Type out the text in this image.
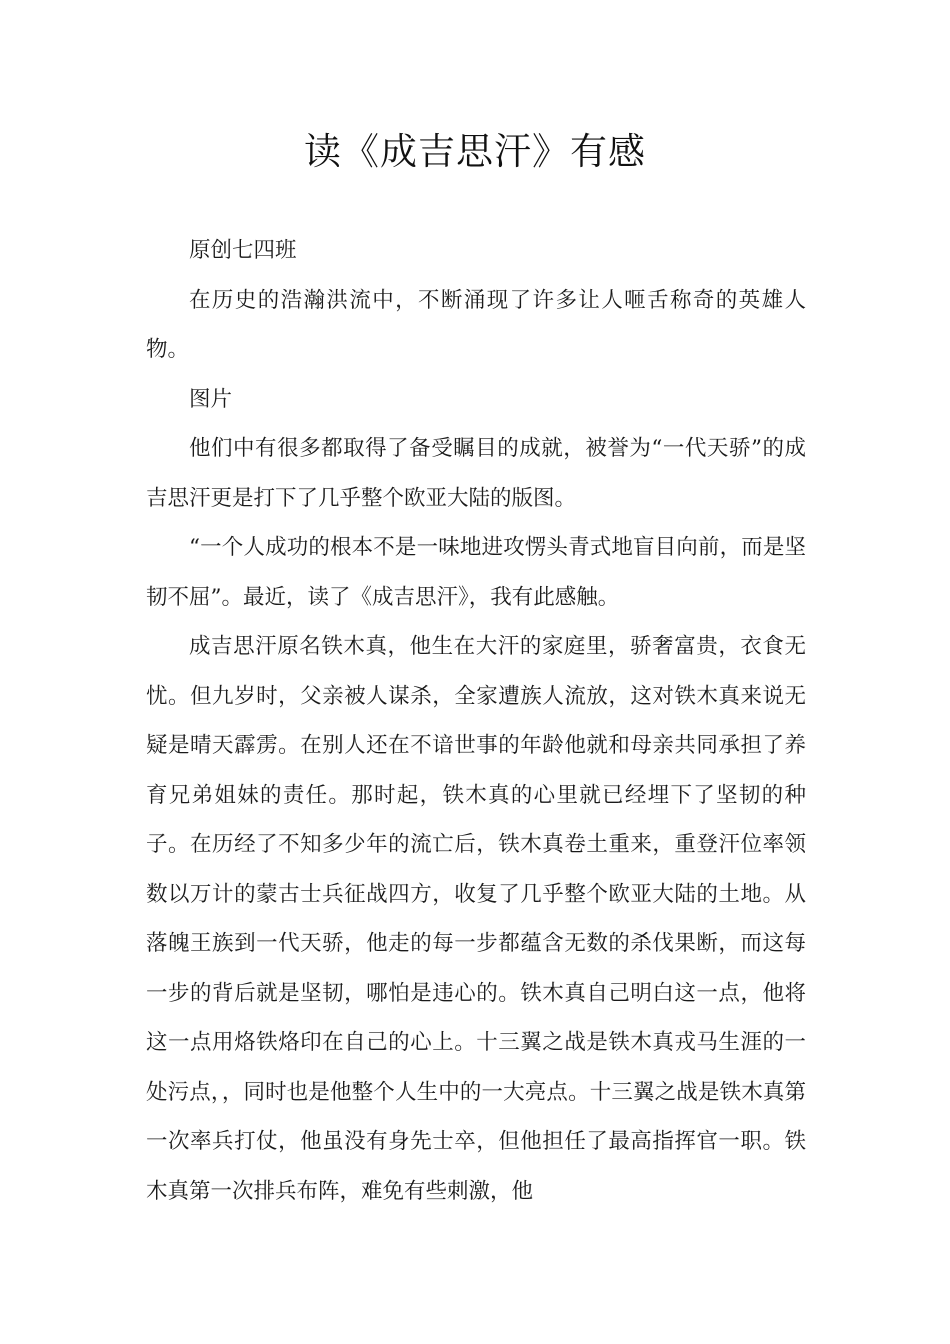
读《成吉思汗》有感

原创七四班

在历史的浩瀚洪流中，不断涌现了许多让人咂舌称奇的英雄人物。

图片

他们中有很多都取得了备受瞩目的成就，被誉为“一代天骄”的成吉思汗更是打下了几乎整个欧亚大陆的版图。

“一个人成功的根本不是一味地进攻愣头青式地盲目向前，而是坚韧不屈”。最近，读了《成吉思汗》，我有此感触。

成吉思汗原名铁木真，他生在大汗的家庭里，骄奢富贵，衣食无忧。但九岁时，父亲被人谋杀，全家遭族人流放，这对铁木真来说无疑是晴天霹雳。在别人还在不谙世事的年龄他就和母亲共同承担了养育兄弟姐妹的责任。那时起，铁木真的心里就已经埋下了坚韧的种子。在历经了不知多少年的流亡后，铁木真卷土重来，重登汗位率领数以万计的蒙古士兵征战四方，收复了几乎整个欧亚大陆的土地。从落魄王族到一代天骄，他走的每一步都蕴含无数的杀伐果断，而这每一步的背后就是坚韧，哪怕是违心的。铁木真自己明白这一点，他将这一点用烙铁烙印在自己的心上。十三翼之战是铁木真戎马生涯的一处污点，，同时也是他整个人生中的一大亮点。十三翼之战是铁木真第一次率兵打仗，他虽没有身先士卒，但他担任了最高指挥官一职。铁木真第一次排兵布阵，难免有些刺激，他
